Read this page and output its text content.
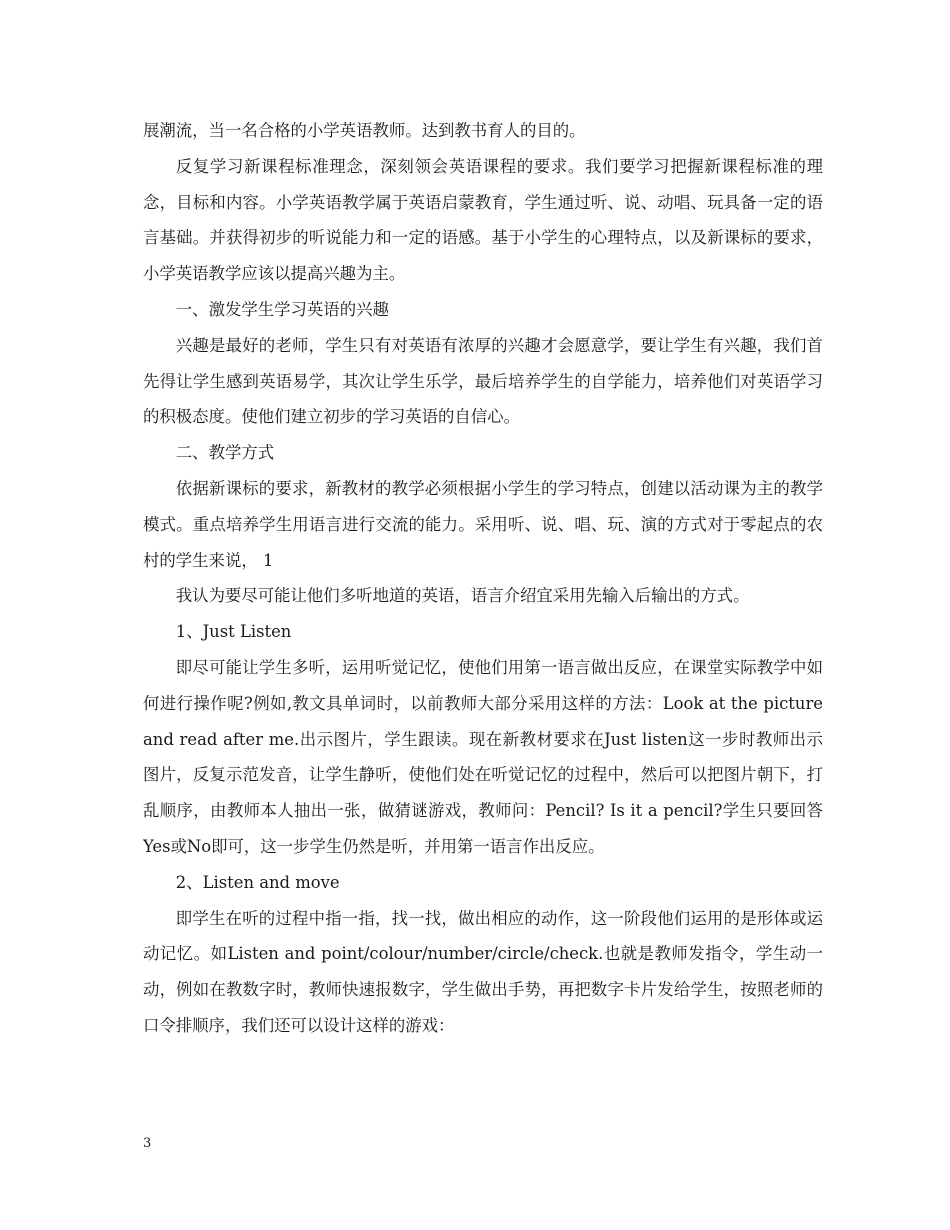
展潮流，当一名合格的小学英语教师。达到教书育人的目的。

反复学习新课程标准理念，深刻领会英语课程的要求。我们要学习把握新课程标准的理念，目标和内容。小学英语教学属于英语启蒙教育，学生通过听、说、动唱、玩具备一定的语言基础。并获得初步的听说能力和一定的语感。基于小学生的心理特点，以及新课标的要求，小学英语教学应该以提高兴趣为主。

一、激发学生学习英语的兴趣

兴趣是最好的老师，学生只有对英语有浓厚的兴趣才会愿意学，要让学生有兴趣，我们首先得让学生感到英语易学，其次让学生乐学，最后培养学生的自学能力，培养他们对英语学习的积极态度。使他们建立初步的学习英语的自信心。

二、教学方式

依据新课标的要求，新教材的教学必须根据小学生的学习特点，创建以活动课为主的教学模式。重点培养学生用语言进行交流的能力。采用听、说、唱、玩、演的方式对于零起点的农村的学生来说， 1

我认为要尽可能让他们多听地道的英语，语言介绍宜采用先输入后输出的方式。

1、Just Listen

即尽可能让学生多听，运用听觉记忆，使他们用第一语言做出反应，在课堂实际教学中如何进行操作呢?例如,教文具单词时，以前教师大部分采用这样的方法：Look at the picture and read after me.出示图片，学生跟读。现在新教材要求在Just listen这一步时教师出示图片，反复示范发音，让学生静听，使他们处在听觉记忆的过程中，然后可以把图片朝下，打乱顺序，由教师本人抽出一张，做猜谜游戏，教师问：Pencil? Is it a pencil?学生只要回答Yes或No即可，这一步学生仍然是听，并用第一语言作出反应。

2、Listen and move

即学生在听的过程中指一指，找一找，做出相应的动作，这一阶段他们运用的是形体或运动记忆。如Listen and point/colour/number/circle/check.也就是教师发指令，学生动一动，例如在教数字时，教师快速报数字，学生做出手势，再把数字卡片发给学生，按照老师的口令排顺序，我们还可以设计这样的游戏：

3
